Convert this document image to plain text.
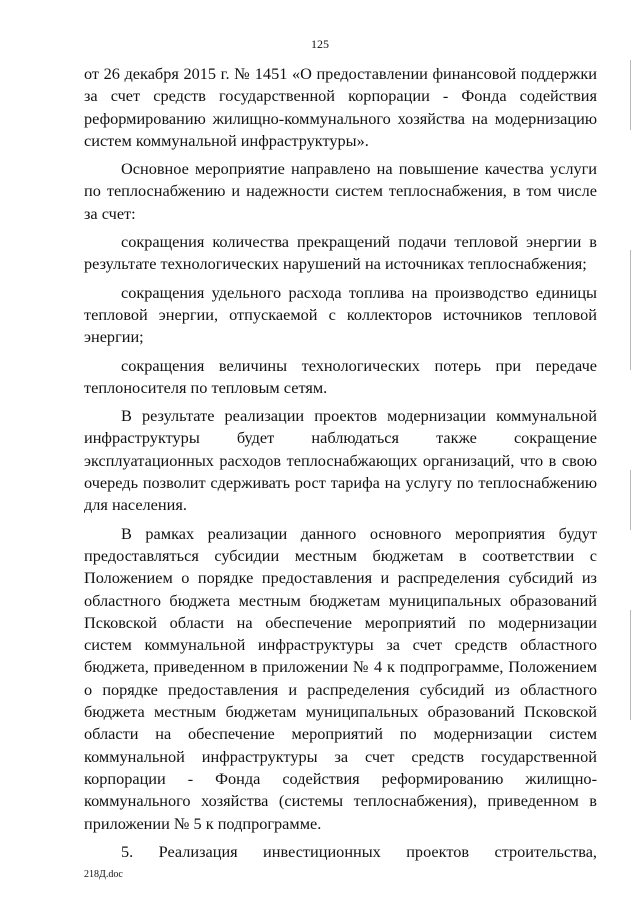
125

от 26 декабря 2015 г. № 1451 «О предоставлении финансовой поддержки за счет средств государственной корпорации - Фонда содействия реформированию жилищно-коммунального хозяйства на модернизацию систем коммунальной инфраструктуры».

Основное мероприятие направлено на повышение качества услуги по теплоснабжению и надежности систем теплоснабжения, в том числе за счет:

сокращения количества прекращений подачи тепловой энергии в результате технологических нарушений на источниках теплоснабжения;

сокращения удельного расхода топлива на производство единицы тепловой энергии, отпускаемой с коллекторов источников тепловой энергии;

сокращения величины технологических потерь при передаче теплоносителя по тепловым сетям.

В результате реализации проектов модернизации коммунальной инфраструктуры будет наблюдаться также сокращение эксплуатационных расходов теплоснабжающих организаций, что в свою очередь позволит сдерживать рост тарифа на услугу по теплоснабжению для населения.

В рамках реализации данного основного мероприятия будут предоставляться субсидии местным бюджетам в соответствии с Положением о порядке предоставления и распределения субсидий из областного бюджета местным бюджетам муниципальных образований Псковской области на обеспечение мероприятий по модернизации систем коммунальной инфраструктуры за счет средств областного бюджета, приведенном в приложении № 4 к подпрограмме, Положением о порядке предоставления и распределения субсидий из областного бюджета местным бюджетам муниципальных образований Псковской области на обеспечение мероприятий по модернизации систем коммунальной инфраструктуры за счет средств государственной корпорации - Фонда содействия реформированию жилищно-коммунального хозяйства (системы теплоснабжения), приведенном в приложении № 5 к подпрограмме.

5. Реализация инвестиционных проектов строительства,

218Д.doc
